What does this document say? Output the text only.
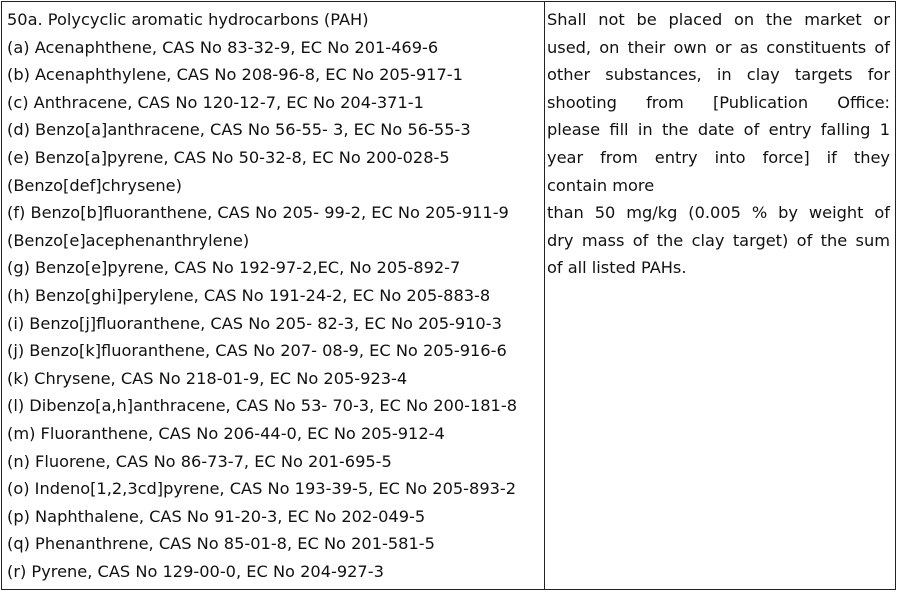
50a. Polycyclic aromatic hydrocarbons (PAH)
(a) Acenaphthene, CAS No 83-32-9, EC No 201-469-6
(b) Acenaphthylene, CAS No 208-96-8, EC No 205-917-1
(c) Anthracene, CAS No 120-12-7, EC No 204-371-1
(d) Benzo[a]anthracene, CAS No 56-55- 3, EC No 56-55-3
(e) Benzo[a]pyrene, CAS No 50-32-8, EC No 200-028-5
(Benzo[def]chrysene)
(f) Benzo[b]fluoranthene, CAS No 205- 99-2, EC No 205-911-9
(Benzo[e]acephenanthrylene)
(g) Benzo[e]pyrene, CAS No 192-97-2,EC, No 205-892-7
(h) Benzo[ghi]perylene, CAS No 191-24-2, EC No 205-883-8
(i) Benzo[j]fluoranthene, CAS No 205- 82-3, EC No 205-910-3
(j) Benzo[k]fluoranthene, CAS No 207- 08-9, EC No 205-916-6
(k) Chrysene, CAS No 218-01-9, EC No 205-923-4
(l) Dibenzo[a,h]anthracene, CAS No 53- 70-3, EC No 200-181-8
(m) Fluoranthene, CAS No 206-44-0, EC No 205-912-4
(n) Fluorene, CAS No 86-73-7, EC No 201-695-5
(o) Indeno[1,2,3cd]pyrene, CAS No 193-39-5, EC No 205-893-2
(p) Naphthalene, CAS No 91-20-3, EC No 202-049-5
(q) Phenanthrene, CAS No 85-01-8, EC No 201-581-5
(r) Pyrene, CAS No 129-00-0, EC No 204-927-3
Shall not be placed on the market or
used, on their own or as constituents of
other substances, in clay targets for
shooting from [Publication Office:
please fill in the date of entry falling 1
year from entry into force] if they
contain more
than 50 mg/kg (0.005 % by weight of
dry mass of the clay target) of the sum
of all listed PAHs.
